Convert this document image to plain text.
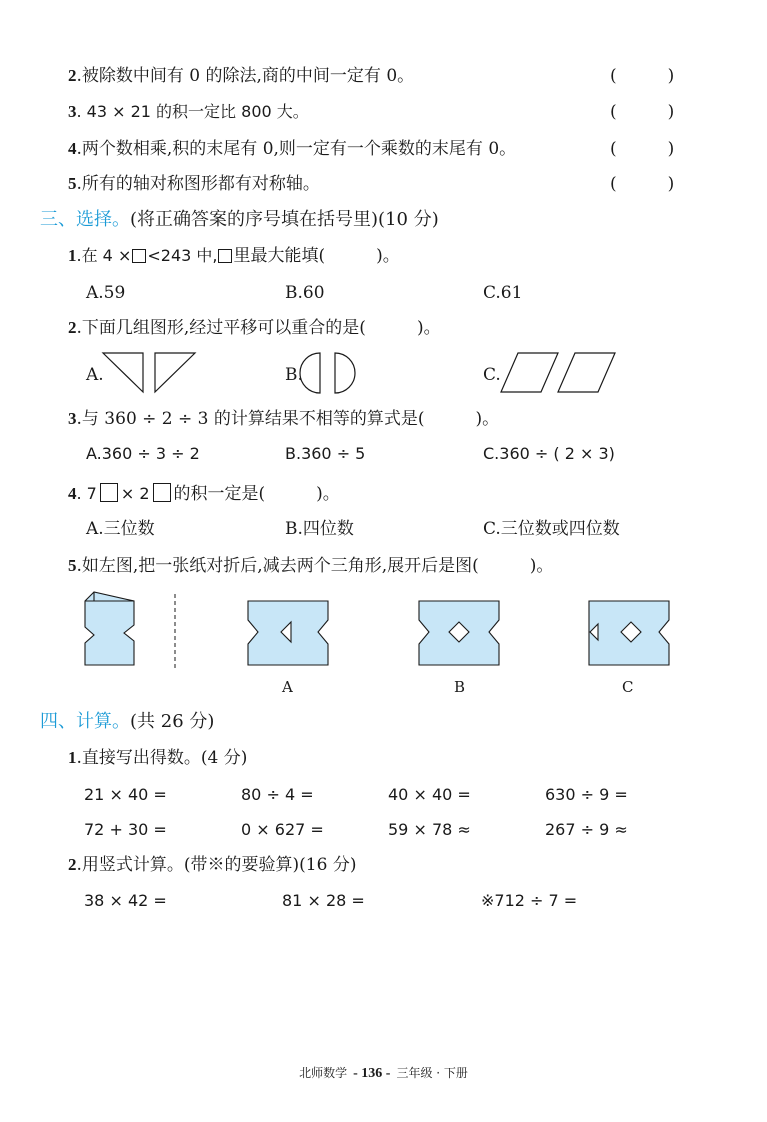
2.被除数中间有 0 的除法,商的中间一定有 0。	(　　　)
3. 43 × 21 的积一定比 800 大。	(　　　)
4.两个数相乘,积的末尾有 0,则一定有一个乘数的末尾有 0。	(　　　)
5.所有的轴对称图形都有对称轴。	(　　　)
三、选择。(将正确答案的序号填在括号里)(10 分)
1.在 4 × <243 中, 里最大能填(　　　)。
A.59	B.60	C.61
2.下面几组图形,经过平移可以重合的是(　　　)。
A.	B.	C.
3.与 360 ÷ 2 ÷ 3 的计算结果不相等的算式是(　　　)。
A.360 ÷ 3 ÷ 2	B.360 ÷ 5	C.360 ÷ ( 2 × 3)
4. 7 × 2 的积一定是(　　　)。
A.三位数	B.四位数	C.三位数或四位数
5.如左图,把一张纸对折后,减去两个三角形,展开后是图(　　　)。
A	B	C
四、计算。(共 26 分)
1.直接写出得数。(4 分)
21 × 40 =	80 ÷ 4 =	40 × 40 =	630 ÷ 9 =
72 + 30 =	0 × 627 =	59 × 78 ≈	267 ÷ 9 ≈
2.用竖式计算。(带※的要验算)(16 分)
38 × 42 =	81 × 28 =	※712 ÷ 7 =
北师数学 - 136 - 三年级 · 下册
